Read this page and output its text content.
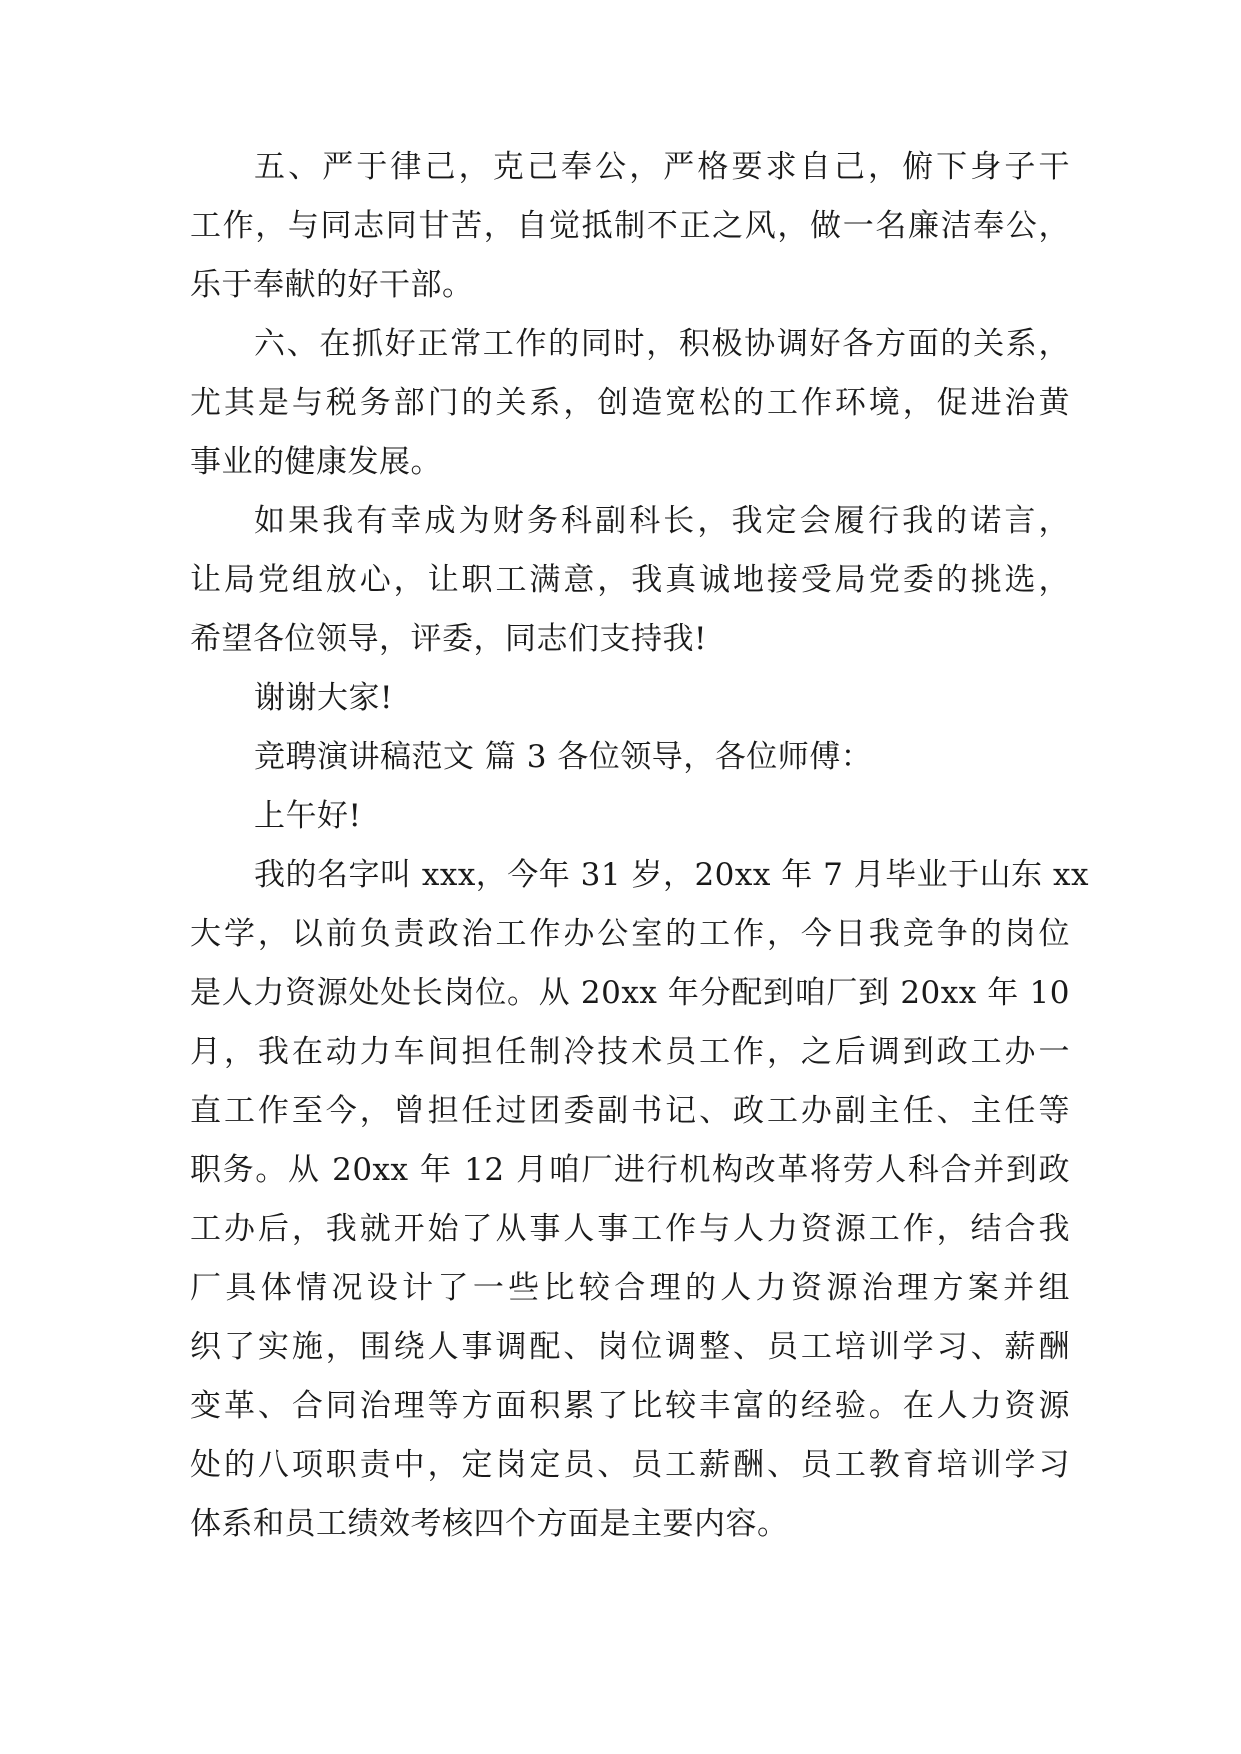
五、严于律己，克己奉公，严格要求自己，俯下身子干

工作，与同志同甘苦，自觉抵制不正之风，做一名廉洁奉公，

乐于奉献的好干部。

六、在抓好正常工作的同时，积极协调好各方面的关系，

尤其是与税务部门的关系，创造宽松的工作环境，促进治黄

事业的健康发展。

如果我有幸成为财务科副科长，我定会履行我的诺言，

让局党组放心，让职工满意，我真诚地接受局党委的挑选，

希望各位领导，评委，同志们支持我!

谢谢大家!

竞聘演讲稿范文 篇 3 各位领导，各位师傅：

上午好!

我的名字叫 xxx，今年 31 岁，20xx 年 7 月毕业于山东 xx

大学，以前负责政治工作办公室的工作，今日我竞争的岗位

是人力资源处处长岗位。从 20xx 年分配到咱厂到 20xx 年 10

月，我在动力车间担任制冷技术员工作，之后调到政工办一

直工作至今，曾担任过团委副书记、政工办副主任、主任等

职务。从 20xx 年 12 月咱厂进行机构改革将劳人科合并到政

工办后，我就开始了从事人事工作与人力资源工作，结合我

厂具体情况设计了一些比较合理的人力资源治理方案并组

织了实施，围绕人事调配、岗位调整、员工培训学习、薪酬

变革、合同治理等方面积累了比较丰富的经验。在人力资源

处的八项职责中，定岗定员、员工薪酬、员工教育培训学习

体系和员工绩效考核四个方面是主要内容。
